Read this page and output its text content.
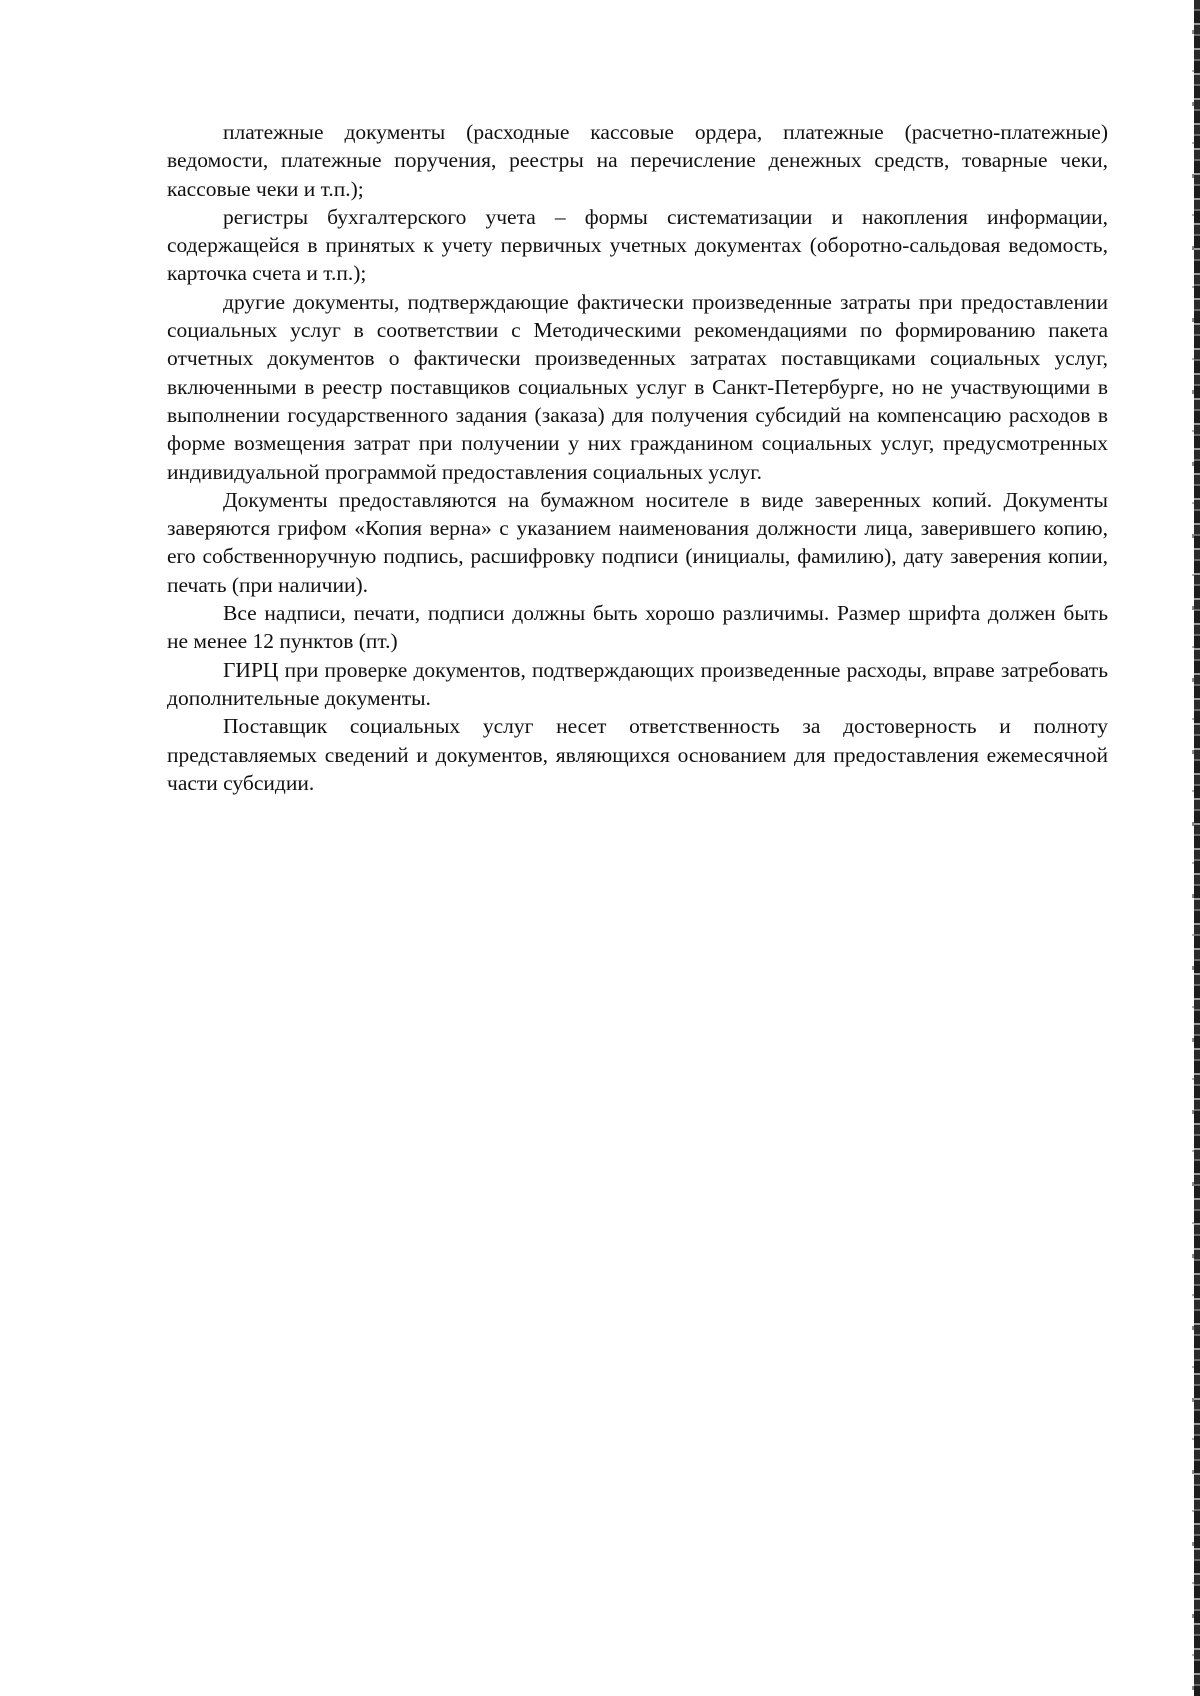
платежные документы (расходные кассовые ордера, платежные (расчетно-платежные) ведомости, платежные поручения, реестры на перечисление денежных средств, товарные чеки, кассовые чеки и т.п.);

регистры бухгалтерского учета – формы систематизации и накопления информации, содержащейся в принятых к учету первичных учетных документах (оборотно-сальдовая ведомость, карточка счета и т.п.);

другие документы, подтверждающие фактически произведенные затраты при предоставлении социальных услуг в соответствии с Методическими рекомендациями по формированию пакета отчетных документов о фактически произведенных затратах поставщиками социальных услуг, включенными в реестр поставщиков социальных услуг в Санкт-Петербурге, но не участвующими в выполнении государственного задания (заказа) для получения субсидий на компенсацию расходов в форме возмещения затрат при получении у них гражданином социальных услуг, предусмотренных индивидуальной программой предоставления социальных услуг.

Документы предоставляются на бумажном носителе в виде заверенных копий. Документы заверяются грифом «Копия верна» с указанием наименования должности лица, заверившего копию, его собственноручную подпись, расшифровку подписи (инициалы, фамилию), дату заверения копии, печать (при наличии).

Все надписи, печати, подписи должны быть хорошо различимы. Размер шрифта должен быть не менее 12 пунктов (пт.)

ГИРЦ при проверке документов, подтверждающих произведенные расходы, вправе затребовать дополнительные документы.

Поставщик социальных услуг несет ответственность за достоверность и полноту представляемых сведений и документов, являющихся основанием для предоставления ежемесячной части субсидии.
